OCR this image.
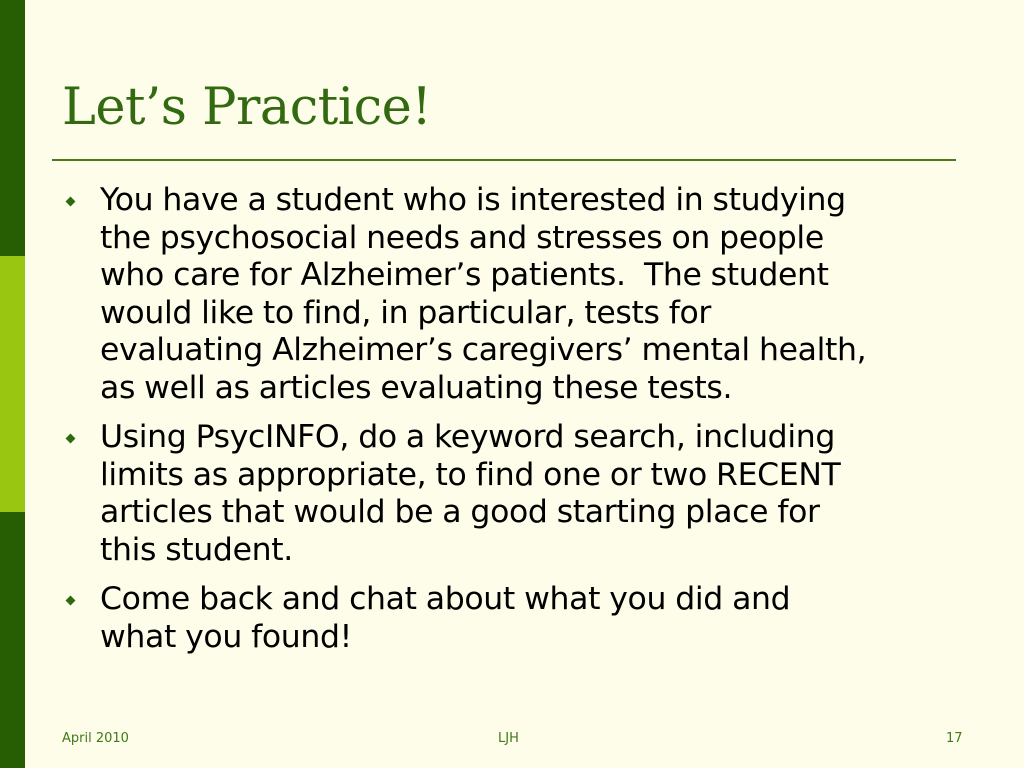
Let’s Practice!
You have a student who is interested in studying
the psychosocial needs and stresses on people
who care for Alzheimer’s patients.  The student
would like to find, in particular, tests for
evaluating Alzheimer’s caregivers’ mental health,
as well as articles evaluating these tests.
Using PsycINFO, do a keyword search, including
limits as appropriate, to find one or two RECENT
articles that would be a good starting place for
this student.
Come back and chat about what you did and
what you found!
April 2010	LJH	17
